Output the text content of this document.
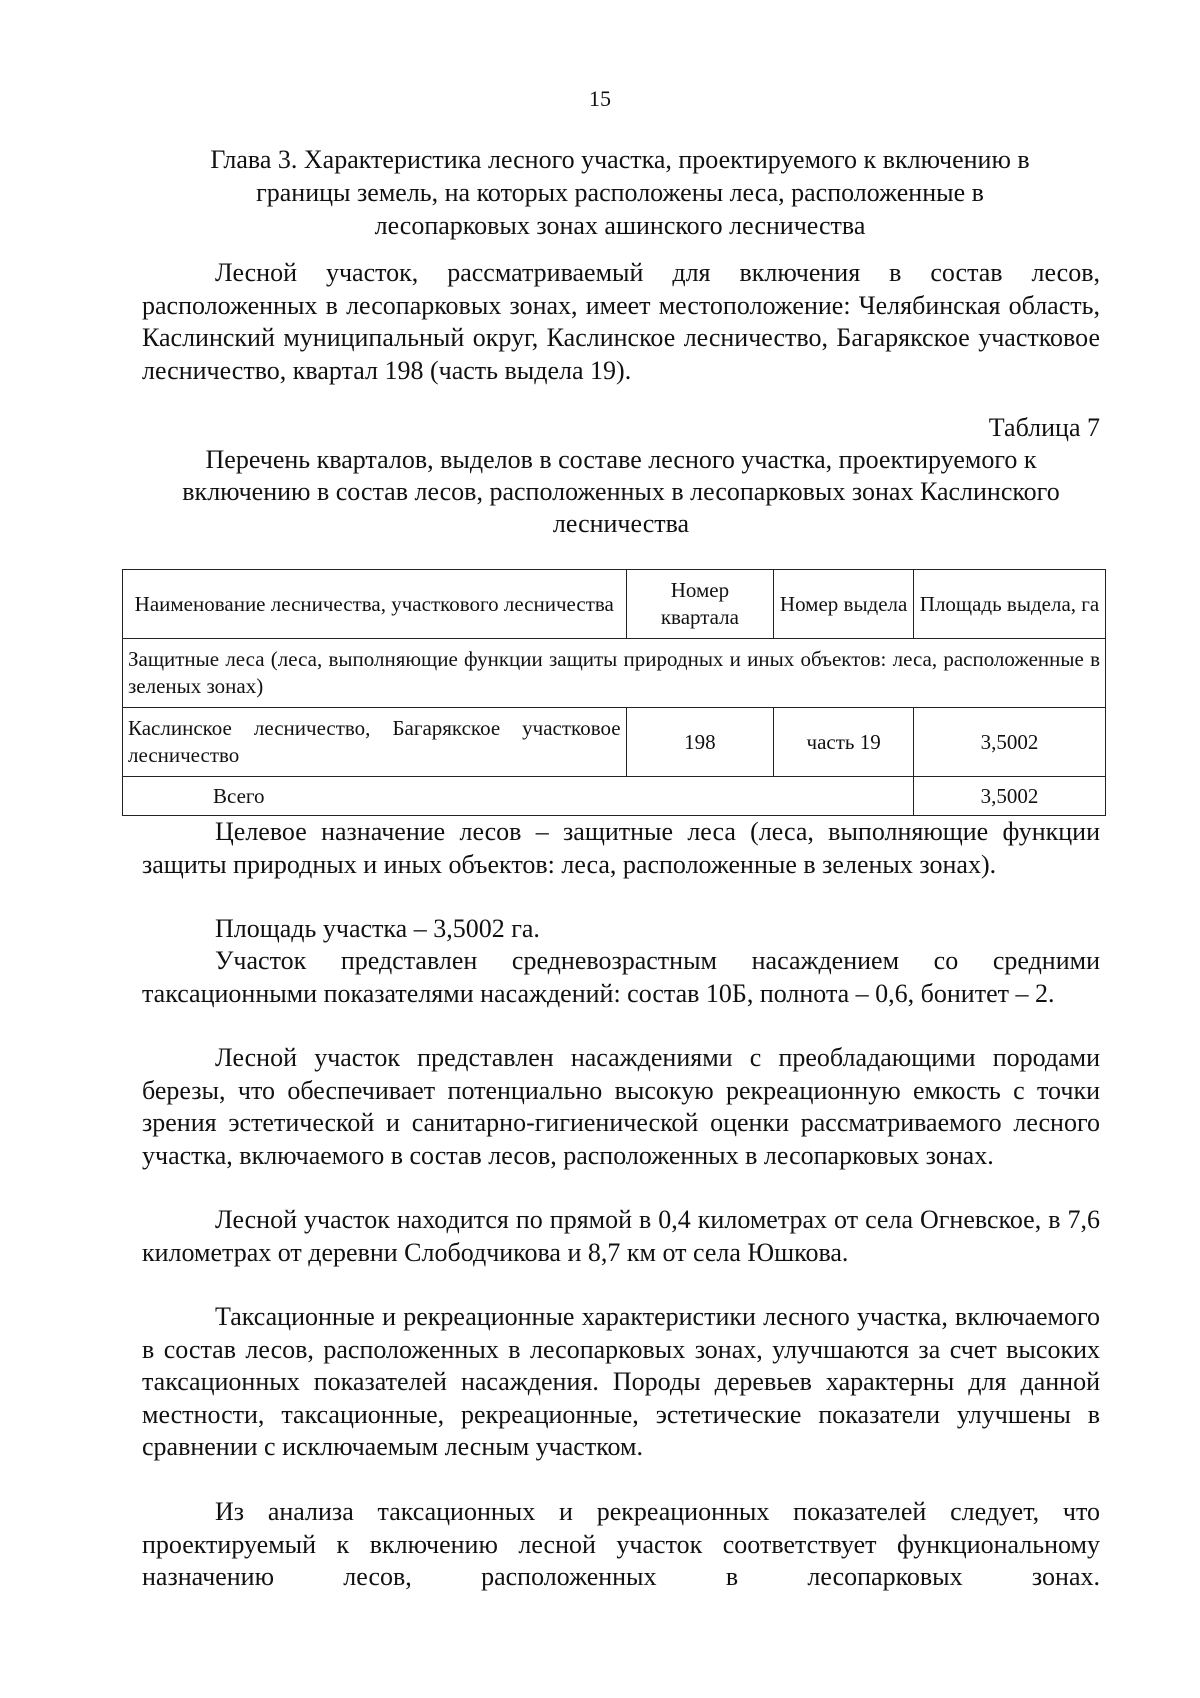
15
Глава 3. Характеристика лесного участка, проектируемого к включению в
границы земель, на которых расположены леса, расположенные в
лесопарковых зонах ашинского лесничества
Лесной участок, рассматриваемый для включения в состав лесов, расположенных в лесопарковых зонах, имеет местоположение: Челябинская область, Каслинский муниципальный округ, Каслинское лесничество, Багарякское участковое лесничество, квартал 198 (часть выдела 19).
Таблица 7
Перечень кварталов, выделов в составе лесного участка, проектируемого к
включению в состав лесов, расположенных в лесопарковых зонах Каслинского
лесничества
Наименование лесничества, участкового лесничества	Номер квартала	Номер выдела	Площадь выдела, га
Защитные леса (леса, выполняющие функции защиты природных и иных объектов: леса, расположенные в зеленых зонах)			
Каслинское лесничество, Багарякское участковое лесничество	198	часть 19	3,5002
Всего			3,5002
Целевое назначение лесов – защитные леса (леса, выполняющие функции защиты природных и иных объектов: леса, расположенные в зеленых зонах).
Площадь участка – 3,5002 га.
Участок представлен средневозрастным насаждением со средними таксационными показателями насаждений: состав 10Б, полнота – 0,6, бонитет – 2.
Лесной участок представлен насаждениями с преобладающими породами березы, что обеспечивает потенциально высокую рекреационную емкость с точки зрения эстетической и санитарно-гигиенической оценки рассматриваемого лесного участка, включаемого в состав лесов, расположенных в лесопарковых зонах.
Лесной участок находится по прямой в 0,4 километрах от села Огневское, в 7,6 километрах от деревни Слободчикова и 8,7 км от села Юшкова.
Таксационные и рекреационные характеристики лесного участка, включаемого в состав лесов, расположенных в лесопарковых зонах, улучшаются за счет высоких таксационных показателей насаждения. Породы деревьев характерны для данной местности, таксационные, рекреационные, эстетические показатели улучшены в сравнении с исключаемым лесным участком.
Из анализа таксационных и рекреационных показателей следует, что проектируемый к включению лесной участок соответствует функциональному назначению лесов, расположенных в лесопарковых зонах.
